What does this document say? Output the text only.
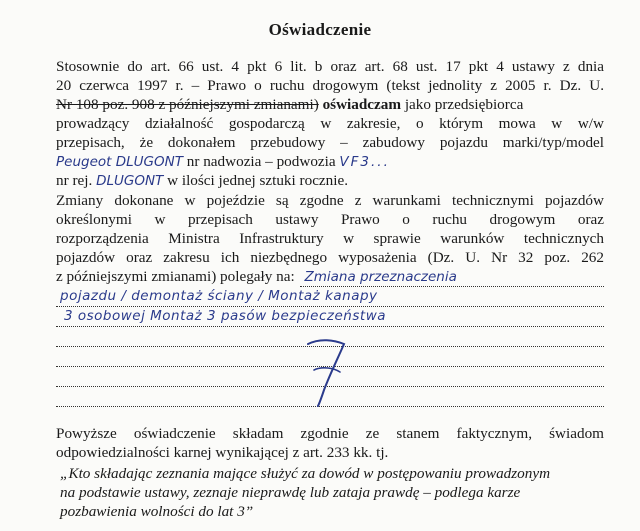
Oświadczenie
Stosownie do art. 66 ust. 4 pkt 6 lit. b oraz art. 68 ust. 17 pkt 4 ustawy z dnia
20 czerwca 1997 r. – Prawo o ruchu drogowym (tekst jednolity z 2005 r. Dz. U.
Nr 108 poz. 908 z późniejszymi zmianami) oświadczam jako przedsiębiorca
prowadzący działalność gospodarczą w zakresie, o którym mowa w w/w
przepisach, że dokonałem przebudowy – zabudowy pojazdu marki/typ/model
Peugeot DLUGONT nr nadwozia – podwozia VF3...
nr rej. DLUGONT w ilości jednej sztuki rocznie.
Zmiany dokonane w pojeździe są zgodne z warunkami technicznymi pojazdów
określonymi w przepisach ustawy Prawo o ruchu drogowym oraz
rozporządzenia Ministra Infrastruktury w sprawie warunków technicznych
pojazdów oraz zakresu ich niezbędnego wyposażenia (Dz. U. Nr 32 poz. 262
z późniejszymi zmianami) polegały na: Zmiana przeznaczenia
pojazdu / demontaż ściany / Montaż kanapy
3 osobowej Montaż 3 pasów bezpieczeństwa
Powyższe oświadczenie składam zgodnie ze stanem faktycznym, świadom
odpowiedzialności karnej wynikającej z art. 233 kk. tj.
„Kto składając zeznania mające służyć za dowód w postępowaniu prowadzonym
na podstawie ustawy, zeznaje nieprawdę lub zataja prawdę – podlega karze
pozbawienia wolności do lat 3”
